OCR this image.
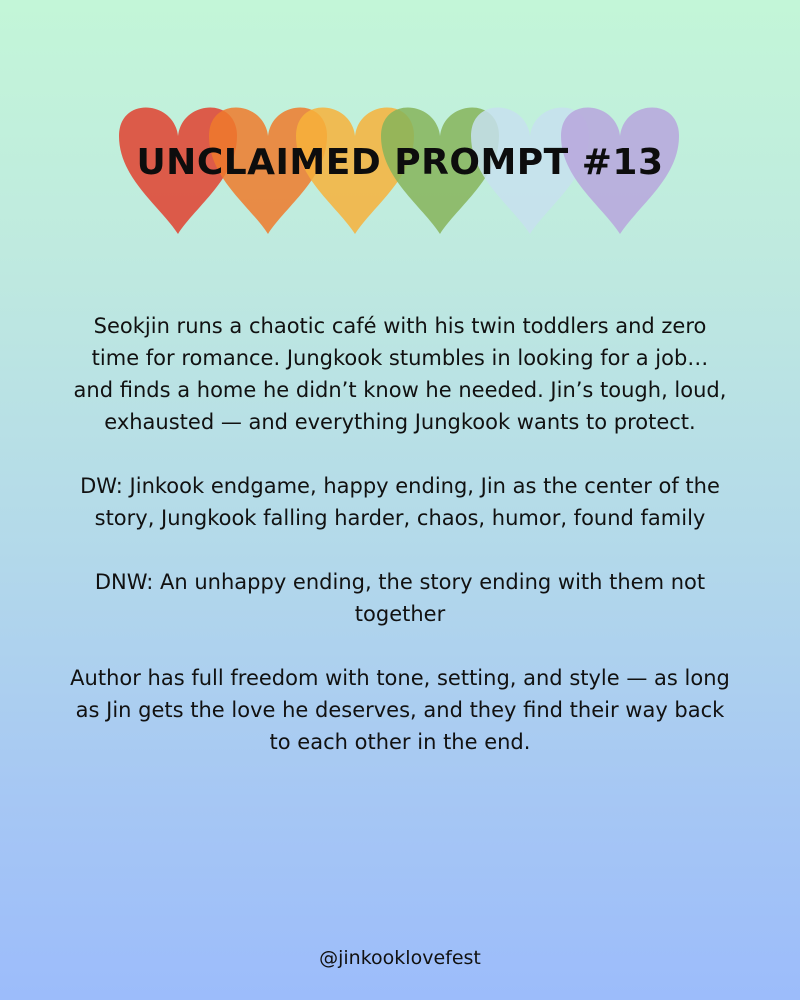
UNCLAIMED PROMPT #13

Seokjin runs a chaotic café with his twin toddlers and zero time for romance. Jungkook stumbles in looking for a job… and finds a home he didn’t know he needed. Jin’s tough, loud, exhausted — and everything Jungkook wants to protect.

DW: Jinkook endgame, happy ending, Jin as the center of the story, Jungkook falling harder, chaos, humor, found family

DNW: An unhappy ending, the story ending with them not together

Author has full freedom with tone, setting, and style — as long as Jin gets the love he deserves, and they find their way back to each other in the end.

@jinkooklovefest
